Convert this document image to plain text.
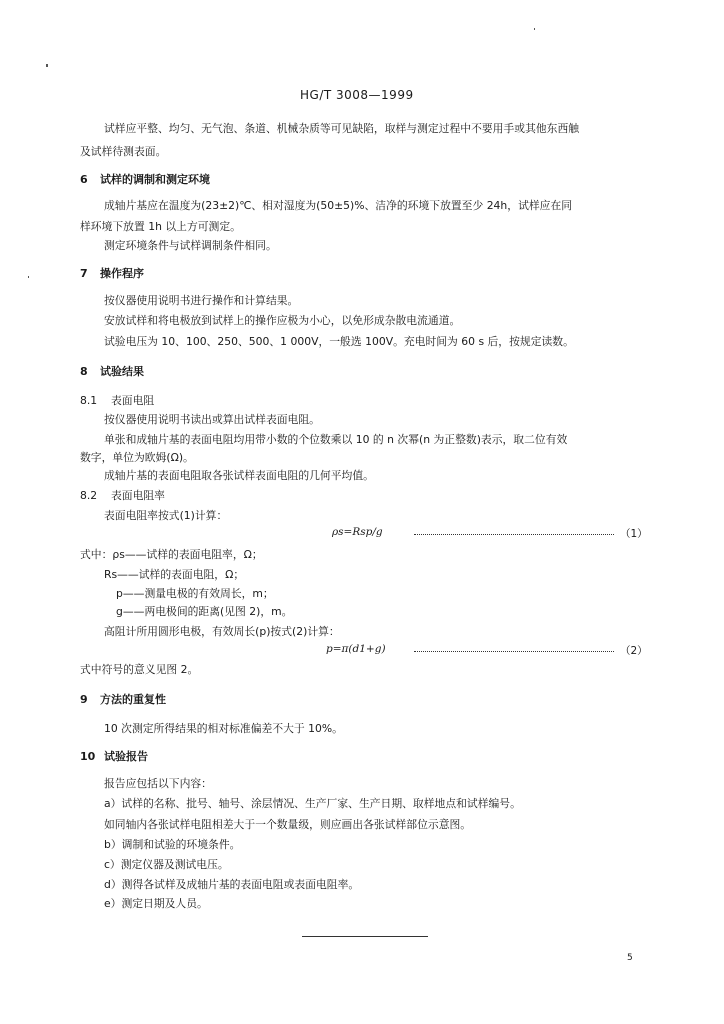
HG/T 3008—1999
试样应平整、均匀、无气泡、条道、机械杂质等可见缺陷，取样与测定过程中不要用手或其他东西触
及试样待测表面。
6 试样的调制和测定环境
成轴片基应在温度为(23±2)℃、相对湿度为(50±5)%、洁净的环境下放置至少 24h，试样应在同
样环境下放置 1h 以上方可测定。
测定环境条件与试样调制条件相同。
7 操作程序
按仪器使用说明书进行操作和计算结果。
安放试样和将电极放到试样上的操作应极为小心，以免形成杂散电流通道。
试验电压为 10、100、250、500、1 000V，一般选 100V。充电时间为 60 s 后，按规定读数。
8 试验结果
8.1 表面电阻
按仪器使用说明书读出或算出试样表面电阻。
单张和成轴片基的表面电阻均用带小数的个位数乘以 10 的 n 次幂(n 为正整数)表示，取二位有效
数字，单位为欧姆(Ω)。
成轴片基的表面电阻取各张试样表面电阻的几何平均值。
8.2 表面电阻率
表面电阻率按式(1)计算：
ρs=Rsp/g	（1）
式中：ρs——试样的表面电阻率，Ω；
Rs——试样的表面电阻，Ω；
p——测量电极的有效周长，m；
g——两电极间的距离(见图 2)，m。
高阻计所用圆形电极，有效周长(p)按式(2)计算：
p=π(d1+g)	（2）
式中符号的意义见图 2。
9 方法的重复性
10 次测定所得结果的相对标准偏差不大于 10%。
10 试验报告
报告应包括以下内容：
a）试样的名称、批号、轴号、涂层情况、生产厂家、生产日期、取样地点和试样编号。
如同轴内各张试样电阻相差大于一个数量级，则应画出各张试样部位示意图。
b）调制和试验的环境条件。
c）测定仪器及测试电压。
d）测得各试样及成轴片基的表面电阻或表面电阻率。
e）测定日期及人员。
5
